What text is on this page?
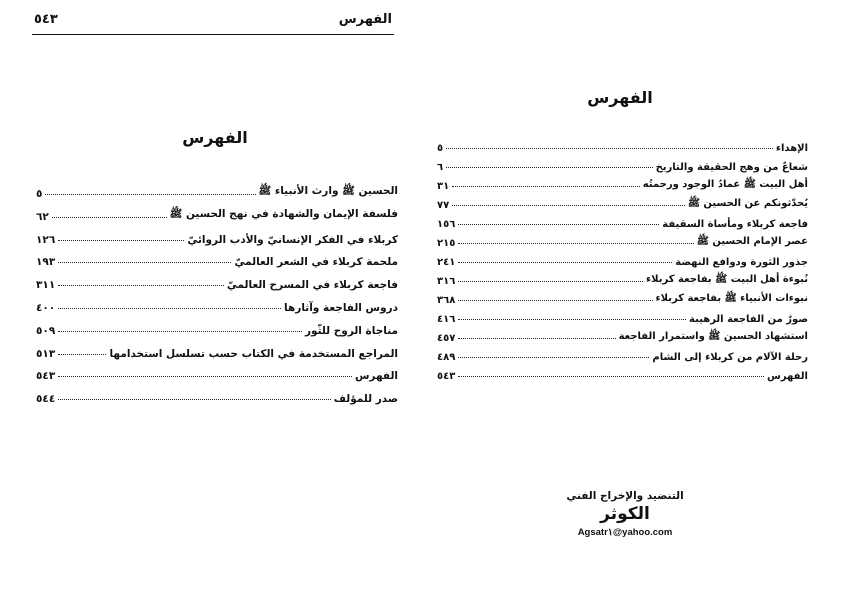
٥٤٣	الفهرس
الفهرس
٥	الحسين ﷺ وارث الأنبياء ﷺ
٦٢	فلسفة الإيمان والشهادة في نهج الحسين ﷺ
١٢٦	كربلاء في الفكر الإنسانيّ والأدب الروائيّ
١٩٣	ملحمة كربلاء في الشعر العالميّ
٣١١	فاجعة كربلاء في المسرح العالميّ
٤٠٠	دروس الفاجعة وآثارها
٥٠٩	مناجاة الروح للثّور
٥١٣	المراجع المستخدمة في الكتاب حسب تسلسل استخدامها
٥٤٣	الفهرس
٥٤٤	صدر للمؤلف
الفهرس
٥	الإهداء
٦	شعاعٌ من وهج الحقيقة والتاريخ
٣١	أهل البيت ﷺ عمادُ الوجود ورحمتُه
٧٧	يُحدّثونكم عن الحسين ﷺ
١٥٦	فاجعة كربلاء ومأساة السقيفة
٢١٥	عصر الإمام الحسين ﷺ
٢٤١	جذور الثورة ودوافع النهضة
٣١٦	نُبوءة أهل البيت ﷺ بفاجعة كربلاء
٣٦٨	نبوءات الأنبياء ﷺ بفاجعة كربلاء
٤١٦	صورٌ من الفاجعة الرهيبة
٤٥٧	استشهاد الحسين ﷺ واستمرار الفاجعة
٤٨٩	رحلة الآلام من كربلاء إلى الشام
٥٤٣	الفهرس
التنضيد والإخراج الفني
الكوثر
Agsatr١@yahoo.com
